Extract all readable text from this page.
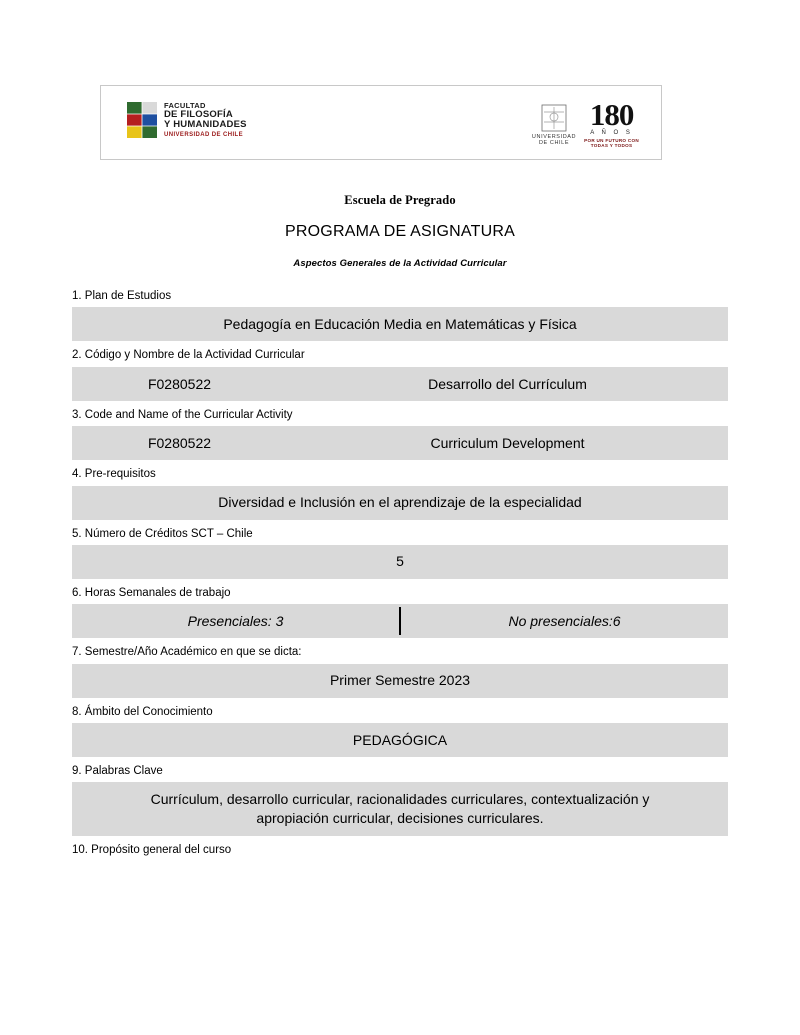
FACULTAD
DE FILOSOFÍA
Y HUMANIDADES
UNIVERSIDAD DE CHILE	UNIVERSIDAD
DE CHILE
180
A Ñ O S
POR UN FUTURO CON
TODAS Y TODOS
Escuela de Pregrado
PROGRAMA DE ASIGNATURA
Aspectos Generales de la Actividad Curricular
1. Plan de Estudios
Pedagogía en Educación Media en Matemáticas y Física
2. Código y Nombre de la Actividad Curricular
F0280522	Desarrollo del Currículum
3. Code and Name of the Curricular Activity
F0280522	Curriculum Development
4. Pre-requisitos
Diversidad e Inclusión en el aprendizaje de la especialidad
5. Número de Créditos SCT – Chile
5
6. Horas Semanales de trabajo
Presenciales: 3	No presenciales:6
7. Semestre/Año Académico en que se dicta:
Primer Semestre 2023
8. Ámbito del Conocimiento
PEDAGÓGICA
9. Palabras Clave
Currículum, desarrollo curricular, racionalidades curriculares, contextualización y
apropiación curricular, decisiones curriculares.
10. Propósito general del curso
